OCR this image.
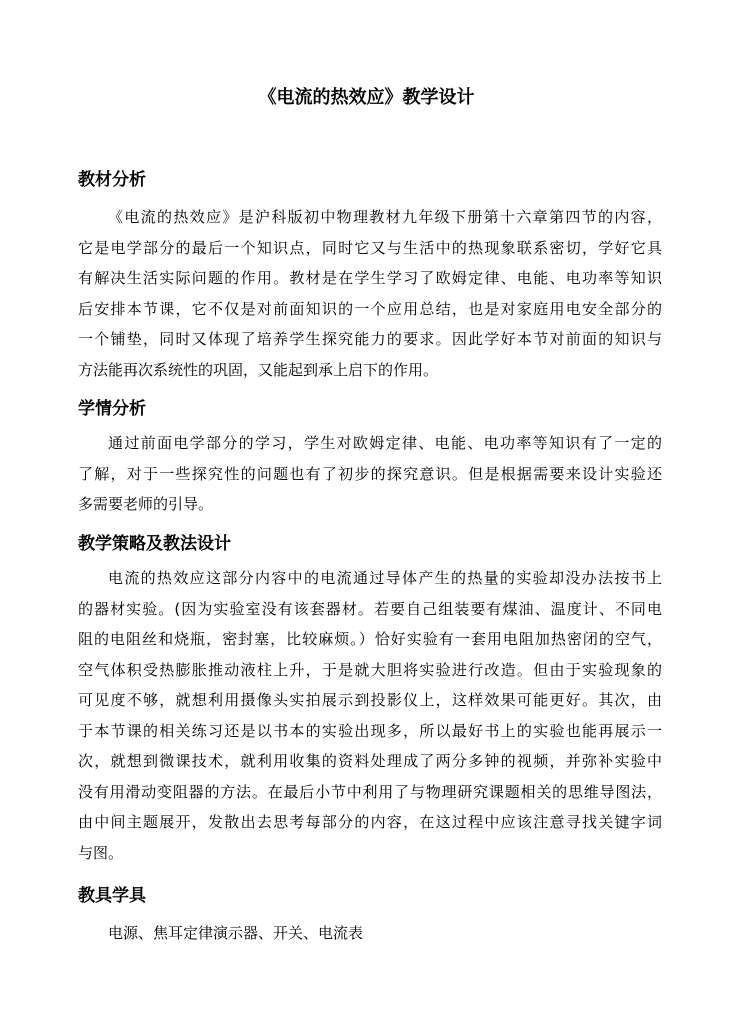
《电流的热效应》教学设计
教材分析
《电流的热效应》是沪科版初中物理教材九年级下册第十六章第四节的内容，
它是电学部分的最后一个知识点，同时它又与生活中的热现象联系密切，学好它具
有解决生活实际问题的作用。教材是在学生学习了欧姆定律、电能、电功率等知识
后安排本节课，它不仅是对前面知识的一个应用总结，也是对家庭用电安全部分的
一个铺垫，同时又体现了培养学生探究能力的要求。因此学好本节对前面的知识与
方法能再次系统性的巩固，又能起到承上启下的作用。
学情分析
通过前面电学部分的学习，学生对欧姆定律、电能、电功率等知识有了一定的
了解，对于一些探究性的问题也有了初步的探究意识。但是根据需要来设计实验还
多需要老师的引导。
教学策略及教法设计
电流的热效应这部分内容中的电流通过导体产生的热量的实验却没办法按书上
的器材实验。(因为实验室没有该套器材。若要自己组装要有煤油、温度计、不同电
阻的电阻丝和烧瓶，密封塞，比较麻烦。）恰好实验有一套用电阻加热密闭的空气，
空气体积受热膨胀推动液柱上升，于是就大胆将实验进行改造。但由于实验现象的
可见度不够，就想利用摄像头实拍展示到投影仪上，这样效果可能更好。其次，由
于本节课的相关练习还是以书本的实验出现多，所以最好书上的实验也能再展示一
次，就想到微课技术，就利用收集的资料处理成了两分多钟的视频，并弥补实验中
没有用滑动变阻器的方法。在最后小节中利用了与物理研究课题相关的思维导图法，
由中间主题展开，发散出去思考每部分的内容，在这过程中应该注意寻找关键字词
与图。
教具学具
电源、焦耳定律演示器、开关、电流表
